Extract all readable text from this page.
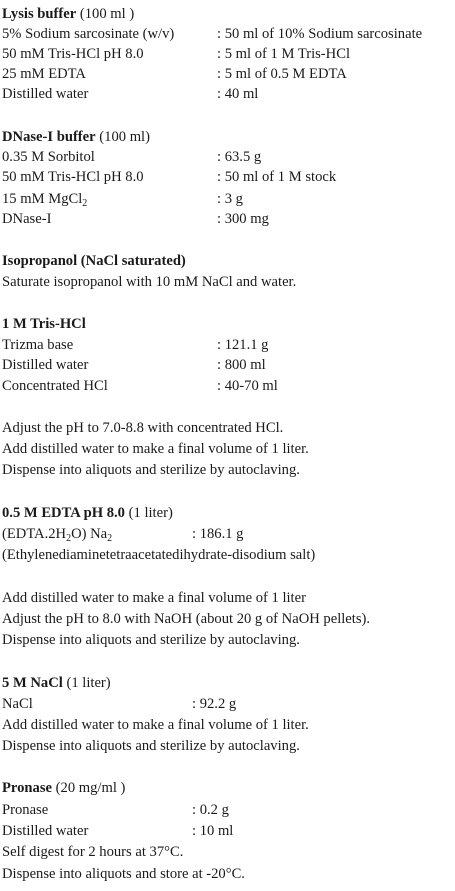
Lysis buffer (100 ml )
5% Sodium sarcosinate (w/v)	: 50 ml of 10% Sodium sarcosinate
50 mM Tris-HCl pH 8.0	: 5 ml of 1 M Tris-HCl
25 mM EDTA	: 5 ml of 0.5 M EDTA
Distilled water	: 40 ml
DNase-I buffer (100 ml)
0.35 M Sorbitol	: 63.5 g
50 mM Tris-HCl pH 8.0	: 50 ml of 1 M stock
15 mM MgCl$_2$	: 3 g
DNase-I	: 300 mg
Isopropanol (NaCl saturated)
Saturate isopropanol with 10 mM NaCl and water.
1 M Tris-HCl
Trizma base	: 121.1 g
Distilled water	: 800 ml
Concentrated HCl	: 40-70 ml
Adjust the pH to 7.0-8.8 with concentrated HCl.
Add distilled water to make a final volume of 1 liter.
Dispense into aliquots and sterilize by autoclaving.
0.5 M EDTA pH 8.0 (1 liter)
$(EDTA.2H_2O)$ $Na_2$	: 186.1 g
(Ethylenediaminetetraacetatedihydrate-disodium salt)
Add distilled water to make a final volume of 1 liter
Adjust the pH to 8.0 with NaOH (about 20 g of NaOH pellets).
Dispense into aliquots and sterilize by autoclaving.
5 M NaCl (1 liter)
NaCl	: 92.2 g
Add distilled water to make a final volume of 1 liter.
Dispense into aliquots and sterilize by autoclaving.
Pronase (20 mg/ml )
Pronase	: 0.2 g
Distilled water	: 10 ml
Self digest for 2 hours at 37°C.
Dispense into aliquots and store at -20°C.
